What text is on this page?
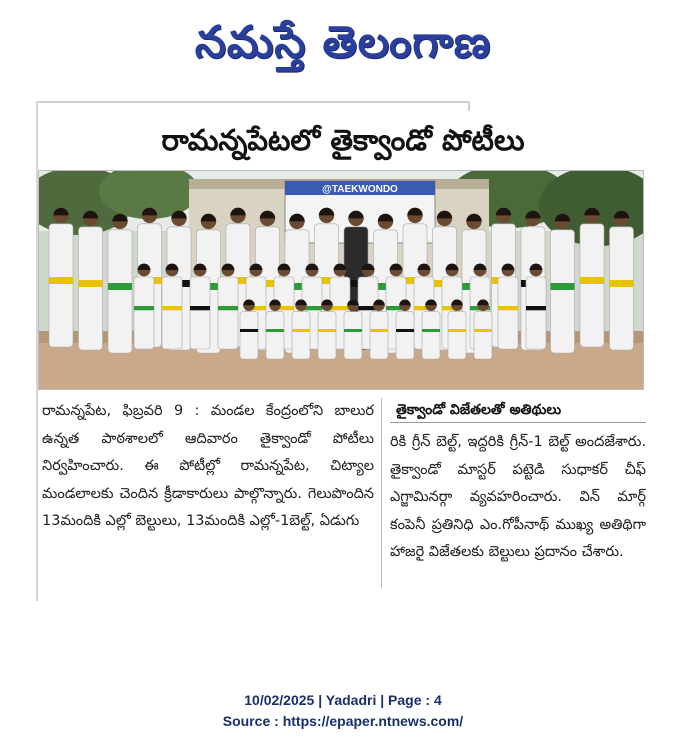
నమస్తే తెలంగాణ
రామన్నపేటలో తైక్వాండో పోటీలు
@TAEKWONDO

రామన్నపేట, ఫిబ్రవరి 9 : మండల కేంద్రంలోని బాలుర ఉన్నత పాఠశాలలో ఆదివారం తైక్వాండో పోటీలు నిర్వహించారు. ఈ పోటీల్లో రామన్నపేట, చిట్యాల మండలాలకు చెందిన క్రీడాకారులు పాల్గొన్నారు. గెలుపొందిన 13మందికి ఎల్లో బెల్టులు, 13మందికి ఎల్లో-1బెల్ట్, ఏడుగు

తైక్వాండో విజేతలతో అతిథులు

రికి గ్రీన్ బెల్ట్, ఇద్దరికి గ్రీన్-1 బెల్ట్ అందజేశారు. తైక్వాండో మాస్టర్ పట్టెడి సుధాకర్ చీఫ్ ఎగ్జామినర్గా వ్యవహరించారు. విన్ మార్గ్ కంపెనీ ప్రతినిధి ఎం.గోపీనాథ్ ముఖ్య అతిథిగా హాజరై విజేతలకు బెల్టులు ప్రదానం చేశారు.

10/02/2025 | Yadadri | Page : 4
Source : https://epaper.ntnews.com/
